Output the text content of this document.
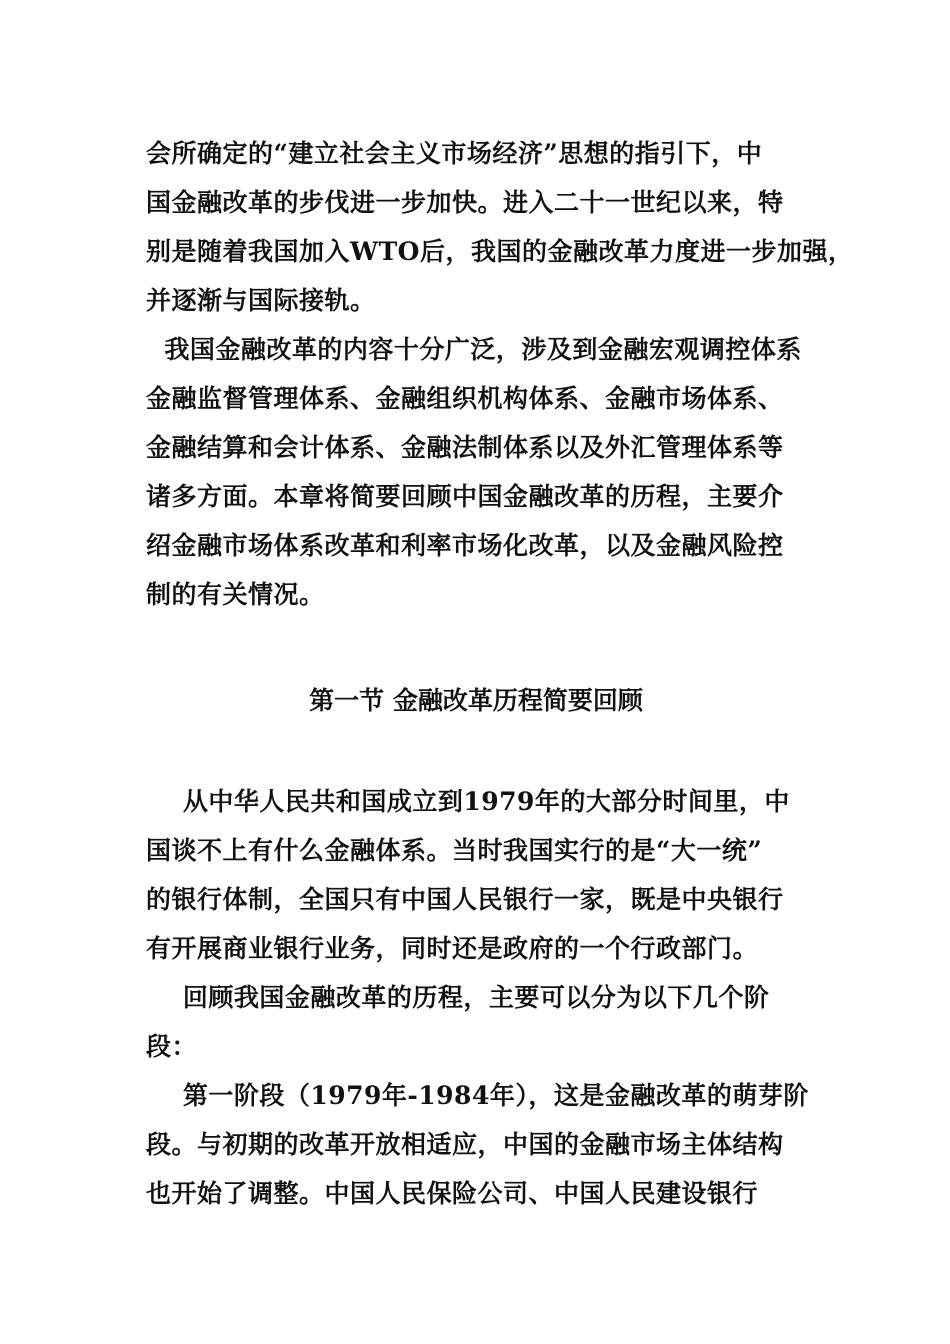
会所确定的“建立社会主义市场经济”思想的指引下，中
国金融改革的步伐进一步加快。进入二十一世纪以来，特
别是随着我国加入WTO后，我国的金融改革力度进一步加强，
并逐渐与国际接轨。
我国金融改革的内容十分广泛，涉及到金融宏观调控体系
金融监督管理体系、金融组织机构体系、金融市场体系、
金融结算和会计体系、金融法制体系以及外汇管理体系等
诸多方面。本章将简要回顾中国金融改革的历程，主要介
绍金融市场体系改革和利率市场化改革，以及金融风险控
制的有关情况。
第一节 金融改革历程简要回顾
从中华人民共和国成立到1979年的大部分时间里，中
国谈不上有什么金融体系。当时我国实行的是“大一统”
的银行体制，全国只有中国人民银行一家，既是中央银行
有开展商业银行业务，同时还是政府的一个行政部门。
回顾我国金融改革的历程，主要可以分为以下几个阶
段：
第一阶段（1979年-1984年），这是金融改革的萌芽阶
段。与初期的改革开放相适应，中国的金融市场主体结构
也开始了调整。中国人民保险公司、中国人民建设银行
